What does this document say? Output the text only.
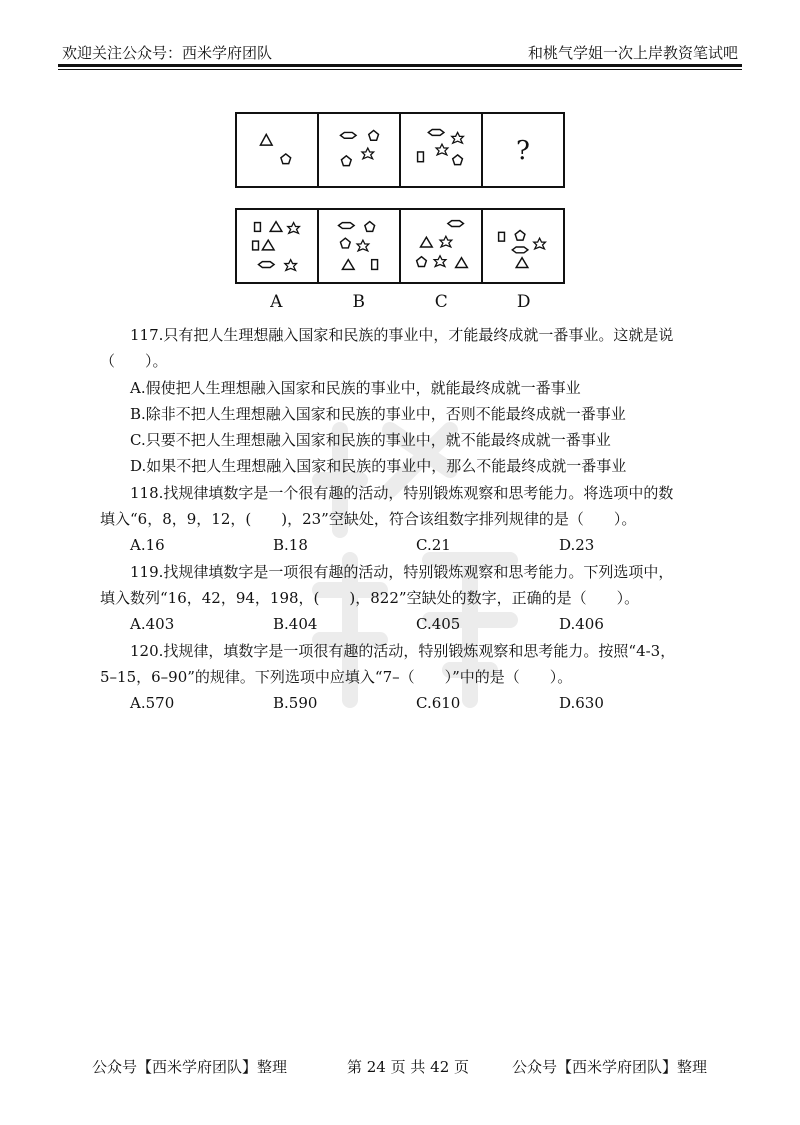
欢迎关注公众号：西米学府团队	和桃气学姐一次上岸教资笔试吧
?
A	B	C	D
117.只有把人生理想融入国家和民族的事业中，才能最终成就一番事业。这就是说
（　　）。
A.假使把人生理想融入国家和民族的事业中，就能最终成就一番事业
B.除非不把人生理想融入国家和民族的事业中，否则不能最终成就一番事业
C.只要不把人生理想融入国家和民族的事业中，就不能最终成就一番事业
D.如果不把人生理想融入国家和民族的事业中，那么不能最终成就一番事业
118.找规律填数字是一个很有趣的活动，特别锻炼观察和思考能力。将选项中的数
填入“6，8，9，12，(　　)，23”空缺处，符合该组数字排列规律的是（　　）。
A.16	B.18	C.21	D.23
119.找规律填数字是一项很有趣的活动，特别锻炼观察和思考能力。下列选项中，
填入数列“16，42，94，198，(　　)，822”空缺处的数字，正确的是（　　）。
A.403	B.404	C.405	D.406
120.找规律，填数字是一项很有趣的活动，特别锻炼观察和思考能力。按照“4-3，
5–15，6–90”的规律。下列选项中应填入“7–（　　）”中的是（　　）。
A.570	B.590	C.610	D.630
公众号【西米学府团队】整理	第 24 页 共 42 页	公众号【西米学府团队】整理
